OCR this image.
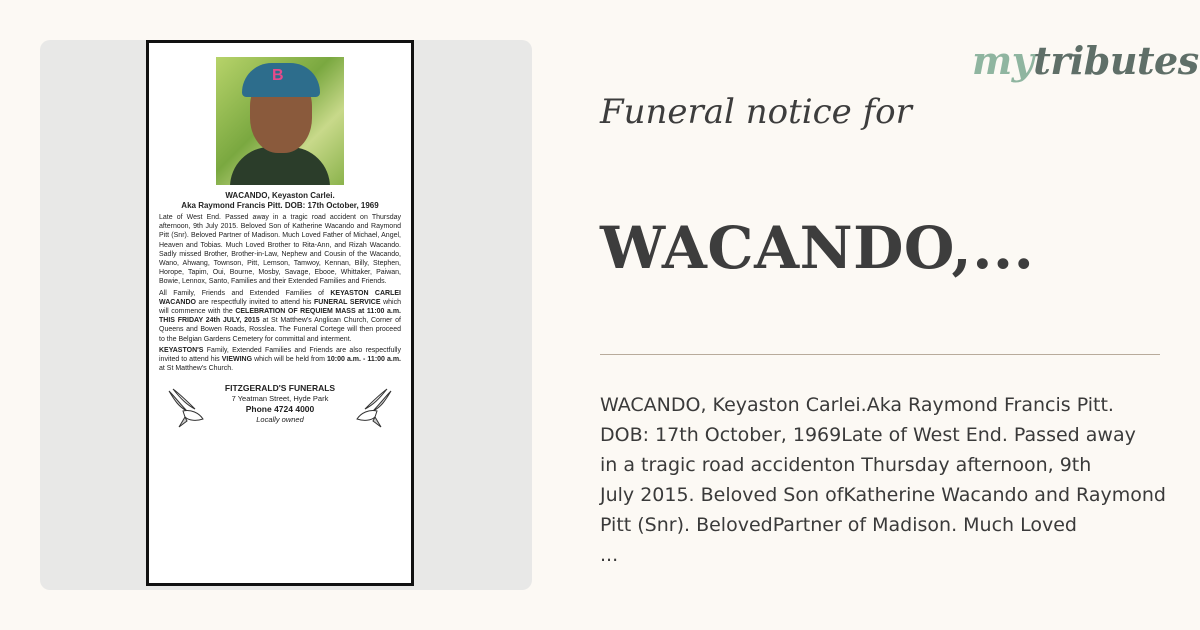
B
WACANDO, Keyaston Carlei.
Aka Raymond Francis Pitt. DOB: 17th October, 1969

Late of West End. Passed away in a tragic road accident on Thursday afternoon, 9th July 2015. Beloved Son of Katherine Wacando and Raymond Pitt (Snr). Beloved Partner of Madison. Much Loved Father of Michael, Angel, Heaven and Tobias. Much Loved Brother to Rita-Ann, and Rizah Wacando. Sadly missed Brother, Brother-in-Law, Nephew and Cousin of the Wacando, Wano, Ahwang, Townson, Pitt, Lemson, Tamwoy, Kennan, Billy, Stephen, Horope, Tapim, Oui, Bourne, Mosby, Savage, Ebooe, Whittaker, Paiwan, Bowie, Lennox, Santo, Families and their Extended Families and Friends.

All Family, Friends and Extended Families of KEYASTON CARLEI WACANDO are respectfully invited to attend his FUNERAL SERVICE which will commence with the CELEBRATION OF REQUIEM MASS at 11:00 a.m. THIS FRIDAY 24th JULY, 2015 at St Matthew's Anglican Church, Corner of Queens and Bowen Roads, Rosslea. The Funeral Cortege will then proceed to the Belgian Gardens Cemetery for committal and interment.

KEYASTON'S Family, Extended Families and Friends are also respectfully invited to attend his VIEWING which will be held from 10:00 a.m. - 11:00 a.m. at St Matthew's Church.

FITZGERALD'S FUNERALS
7 Yeatman Street, Hyde Park
Phone 4724 4000
Locally owned
mytributes
Funeral notice for
WACANDO,...
WACANDO, Keyaston Carlei.Aka Raymond Francis Pitt.
DOB: 17th October, 1969Late of West End. Passed away
in a tragic road accidenton Thursday afternoon, 9th
July 2015. Beloved Son ofKatherine Wacando and Raymond
Pitt (Snr). BelovedPartner of Madison. Much Loved
...
